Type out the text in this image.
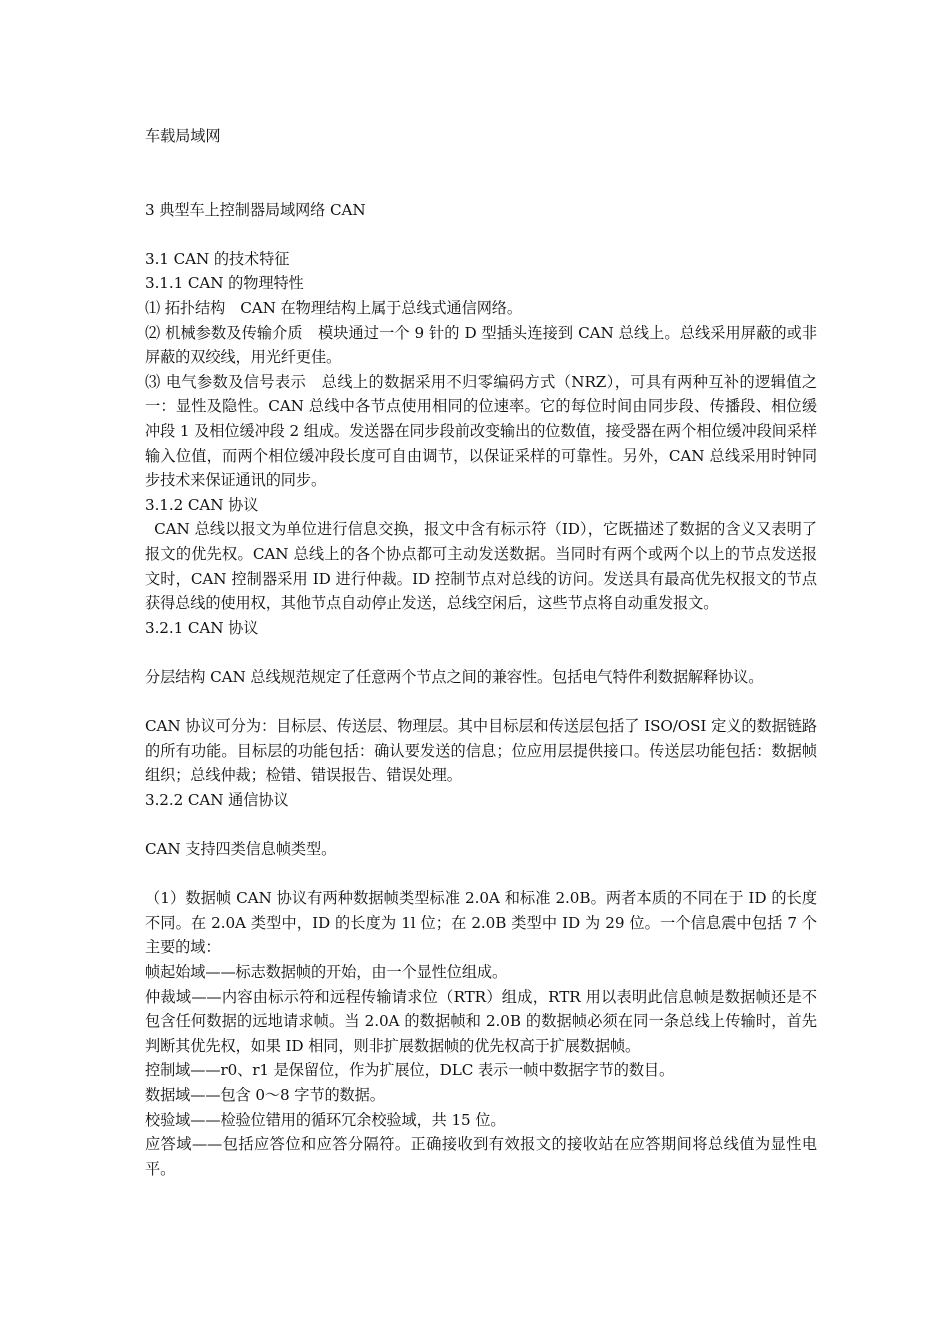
车载局域网

3 典型车上控制器局域网络 CAN

3.1 CAN 的技术特征

3.1.1 CAN 的物理特性

⑴ 拓扑结构　CAN 在物理结构上属于总线式通信网络。

⑵ 机械参数及传输介质　模块通过一个 9 针的 D 型插头连接到 CAN 总线上。总线采用屏蔽的或非屏蔽的双绞线，用光纤更佳。

⑶ 电气参数及信号表示　总线上的数据采用不归零编码方式（NRZ），可具有两种互补的逻辑值之一：显性及隐性。CAN 总线中各节点使用相同的位速率。它的每位时间由同步段、传播段、相位缓冲段 1 及相位缓冲段 2 组成。发送器在同步段前改变输出的位数值，接受器在两个相位缓冲段间采样输入位值，而两个相位缓冲段长度可自由调节，以保证采样的可靠性。另外，CAN 总线采用时钟同步技术来保证通讯的同步。

3.1.2 CAN 协议

CAN 总线以报文为单位进行信息交换，报文中含有标示符（ID），它既描述了数据的含义又表明了报文的优先权。CAN 总线上的各个协点都可主动发送数据。当同时有两个或两个以上的节点发送报文时，CAN 控制器采用 ID 进行仲裁。ID 控制节点对总线的访问。发送具有最高优先权报文的节点获得总线的使用权，其他节点自动停止发送，总线空闲后，这些节点将自动重发报文。

3.2.1 CAN 协议

分层结构 CAN 总线规范规定了任意两个节点之间的兼容性。包括电气特件利数据解释协议。

CAN 协议可分为：目标层、传送层、物理层。其中目标层和传送层包括了 ISO/OSI 定义的数据链路的所有功能。目标层的功能包括：确认要发送的信息；位应用层提供接口。传送层功能包括：数据帧组织；总线仲裁；检错、错误报告、错误处理。

3.2.2 CAN 通信协议

CAN 支持四类信息帧类型。

（1）数据帧 CAN 协议有两种数据帧类型标准 2.0A 和标准 2.0B。两者本质的不同在于 ID 的长度不同。在 2.0A 类型中，ID 的长度为 1l 位；在 2.0B 类型中 ID 为 29 位。一个信息震中包括 7 个主要的域：

帧起始域——标志数据帧的开始，由一个显性位组成。

仲裁域——内容由标示符和远程传输请求位（RTR）组成，RTR 用以表明此信息帧是数据帧还是不包含任何数据的远地请求帧。当 2.0A 的数据帧和 2.0B 的数据帧必须在同一条总线上传输时，首先判断其优先权，如果 ID 相同，则非扩展数据帧的优先权高于扩展数据帧。

控制域——r0、r1 是保留位，作为扩展位，DLC 表示一帧中数据字节的数目。

数据域——包含 0～8 字节的数据。

校验域——检验位错用的循环冗余校验域，共 15 位。

应答域——包括应答位和应答分隔符。正确接收到有效报文的接收站在应答期间将总线值为显性电平。
